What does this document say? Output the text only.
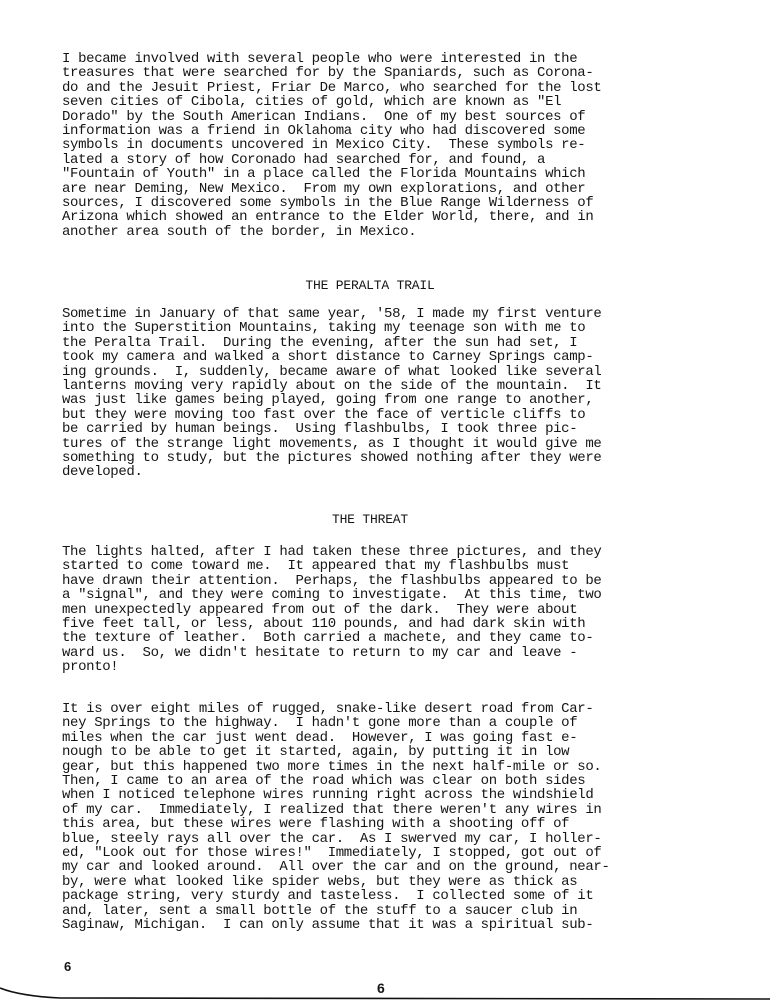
I became involved with several people who were interested in the
treasures that were searched for by the Spaniards, such as Corona-
do and the Jesuit Priest, Friar De Marco, who searched for the lost
seven cities of Cibola, cities of gold, which are known as "El
Dorado" by the South American Indians.  One of my best sources of
information was a friend in Oklahoma city who had discovered some
symbols in documents uncovered in Mexico City.  These symbols re-
lated a story of how Coronado had searched for, and found, a
"Fountain of Youth" in a place called the Florida Mountains which
are near Deming, New Mexico.  From my own explorations, and other
sources, I discovered some symbols in the Blue Range Wilderness of
Arizona which showed an entrance to the Elder World, there, and in
another area south of the border, in Mexico.

THE PERALTA TRAIL

Sometime in January of that same year, '58, I made my first venture
into the Superstition Mountains, taking my teenage son with me to
the Peralta Trail.  During the evening, after the sun had set, I
took my camera and walked a short distance to Carney Springs camp-
ing grounds.  I, suddenly, became aware of what looked like several
lanterns moving very rapidly about on the side of the mountain.  It
was just like games being played, going from one range to another,
but they were moving too fast over the face of verticle cliffs to
be carried by human beings.  Using flashbulbs, I took three pic-
tures of the strange light movements, as I thought it would give me
something to study, but the pictures showed nothing after they were
developed.

THE THREAT

The lights halted, after I had taken these three pictures, and they
started to come toward me.  It appeared that my flashbulbs must
have drawn their attention.  Perhaps, the flashbulbs appeared to be
a "signal", and they were coming to investigate.  At this time, two
men unexpectedly appeared from out of the dark.  They were about
five feet tall, or less, about 110 pounds, and had dark skin with
the texture of leather.  Both carried a machete, and they came to-
ward us.  So, we didn't hesitate to return to my car and leave -
pronto!

It is over eight miles of rugged, snake-like desert road from Car-
ney Springs to the highway.  I hadn't gone more than a couple of
miles when the car just went dead.  However, I was going fast e-
nough to be able to get it started, again, by putting it in low
gear, but this happened two more times in the next half-mile or so.
Then, I came to an area of the road which was clear on both sides
when I noticed telephone wires running right across the windshield
of my car.  Immediately, I realized that there weren't any wires in
this area, but these wires were flashing with a shooting off of
blue, steely rays all over the car.  As I swerved my car, I holler-
ed, "Look out for those wires!"  Immediately, I stopped, got out of
my car and looked around.  All over the car and on the ground, near-
by, were what looked like spider webs, but they were as thick as
package string, very sturdy and tasteless.  I collected some of it
and, later, sent a small bottle of the stuff to a saucer club in
Saginaw, Michigan.  I can only assume that it was a spiritual sub-

6
6
